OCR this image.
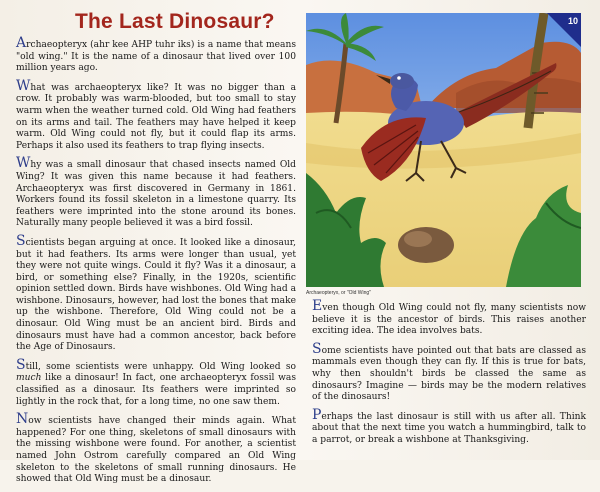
The Last Dinosaur?

Archaeopteryx (ahr kee AHP tuhr iks) is a name that means "old wing." It is the name of a dinosaur that lived over 100 million years ago.

What was archaeopteryx like? It was no bigger than a crow. It probably was warm-blooded, but too small to stay warm when the weather turned cold. Old Wing had feathers on its arms and tail. The feathers may have helped it keep warm. Old Wing could not fly, but it could flap its arms. Perhaps it also used its feathers to trap flying insects.

Why was a small dinosaur that chased insects named Old Wing? It was given this name because it had feathers. Archaeopteryx was first discovered in Germany in 1861. Workers found its fossil skeleton in a limestone quarry. Its feathers were imprinted into the stone around its bones. Naturally many people believed it was a bird fossil.

Scientists began arguing at once. It looked like a dinosaur, but it had feathers. Its arms were longer than usual, yet they were not quite wings. Could it fly? Was it a dinosaur, a bird, or something else? Finally, in the 1920s, scientific opinion settled down. Birds have wishbones. Old Wing had a wishbone. Dinosaurs, however, had lost the bones that make up the wishbone. Therefore, Old Wing could not be a dinosaur. Old Wing must be an ancient bird. Birds and dinosaurs must have had a common ancestor, back before the Age of Dinosaurs.

Still, some scientists were unhappy. Old Wing looked so much like a dinosaur! In fact, one archaeopteryx fossil was classified as a dinosaur. Its feathers were imprinted so lightly in the rock that, for a long time, no one saw them.

Now scientists have changed their minds again. What happened? For one thing, skeletons of small dinosaurs with the missing wishbone were found. For another, a scientist named John Ostrom carefully compared an Old Wing skeleton to the skeletons of small running dinosaurs. He showed that Old Wing must be a dinosaur.

10
Archaeopteryx, or "Old Wing"

Even though Old Wing could not fly, many scientists now believe it is the ancestor of birds. This raises another exciting idea. The idea involves bats.

Some scientists have pointed out that bats are classed as mammals even though they can fly. If this is true for bats, why then shouldn't birds be classed the same as dinosaurs? Imagine — birds may be the modern relatives of the dinosaurs!

Perhaps the last dinosaur is still with us after all. Think about that the next time you watch a hummingbird, talk to a parrot, or break a wishbone at Thanksgiving.
